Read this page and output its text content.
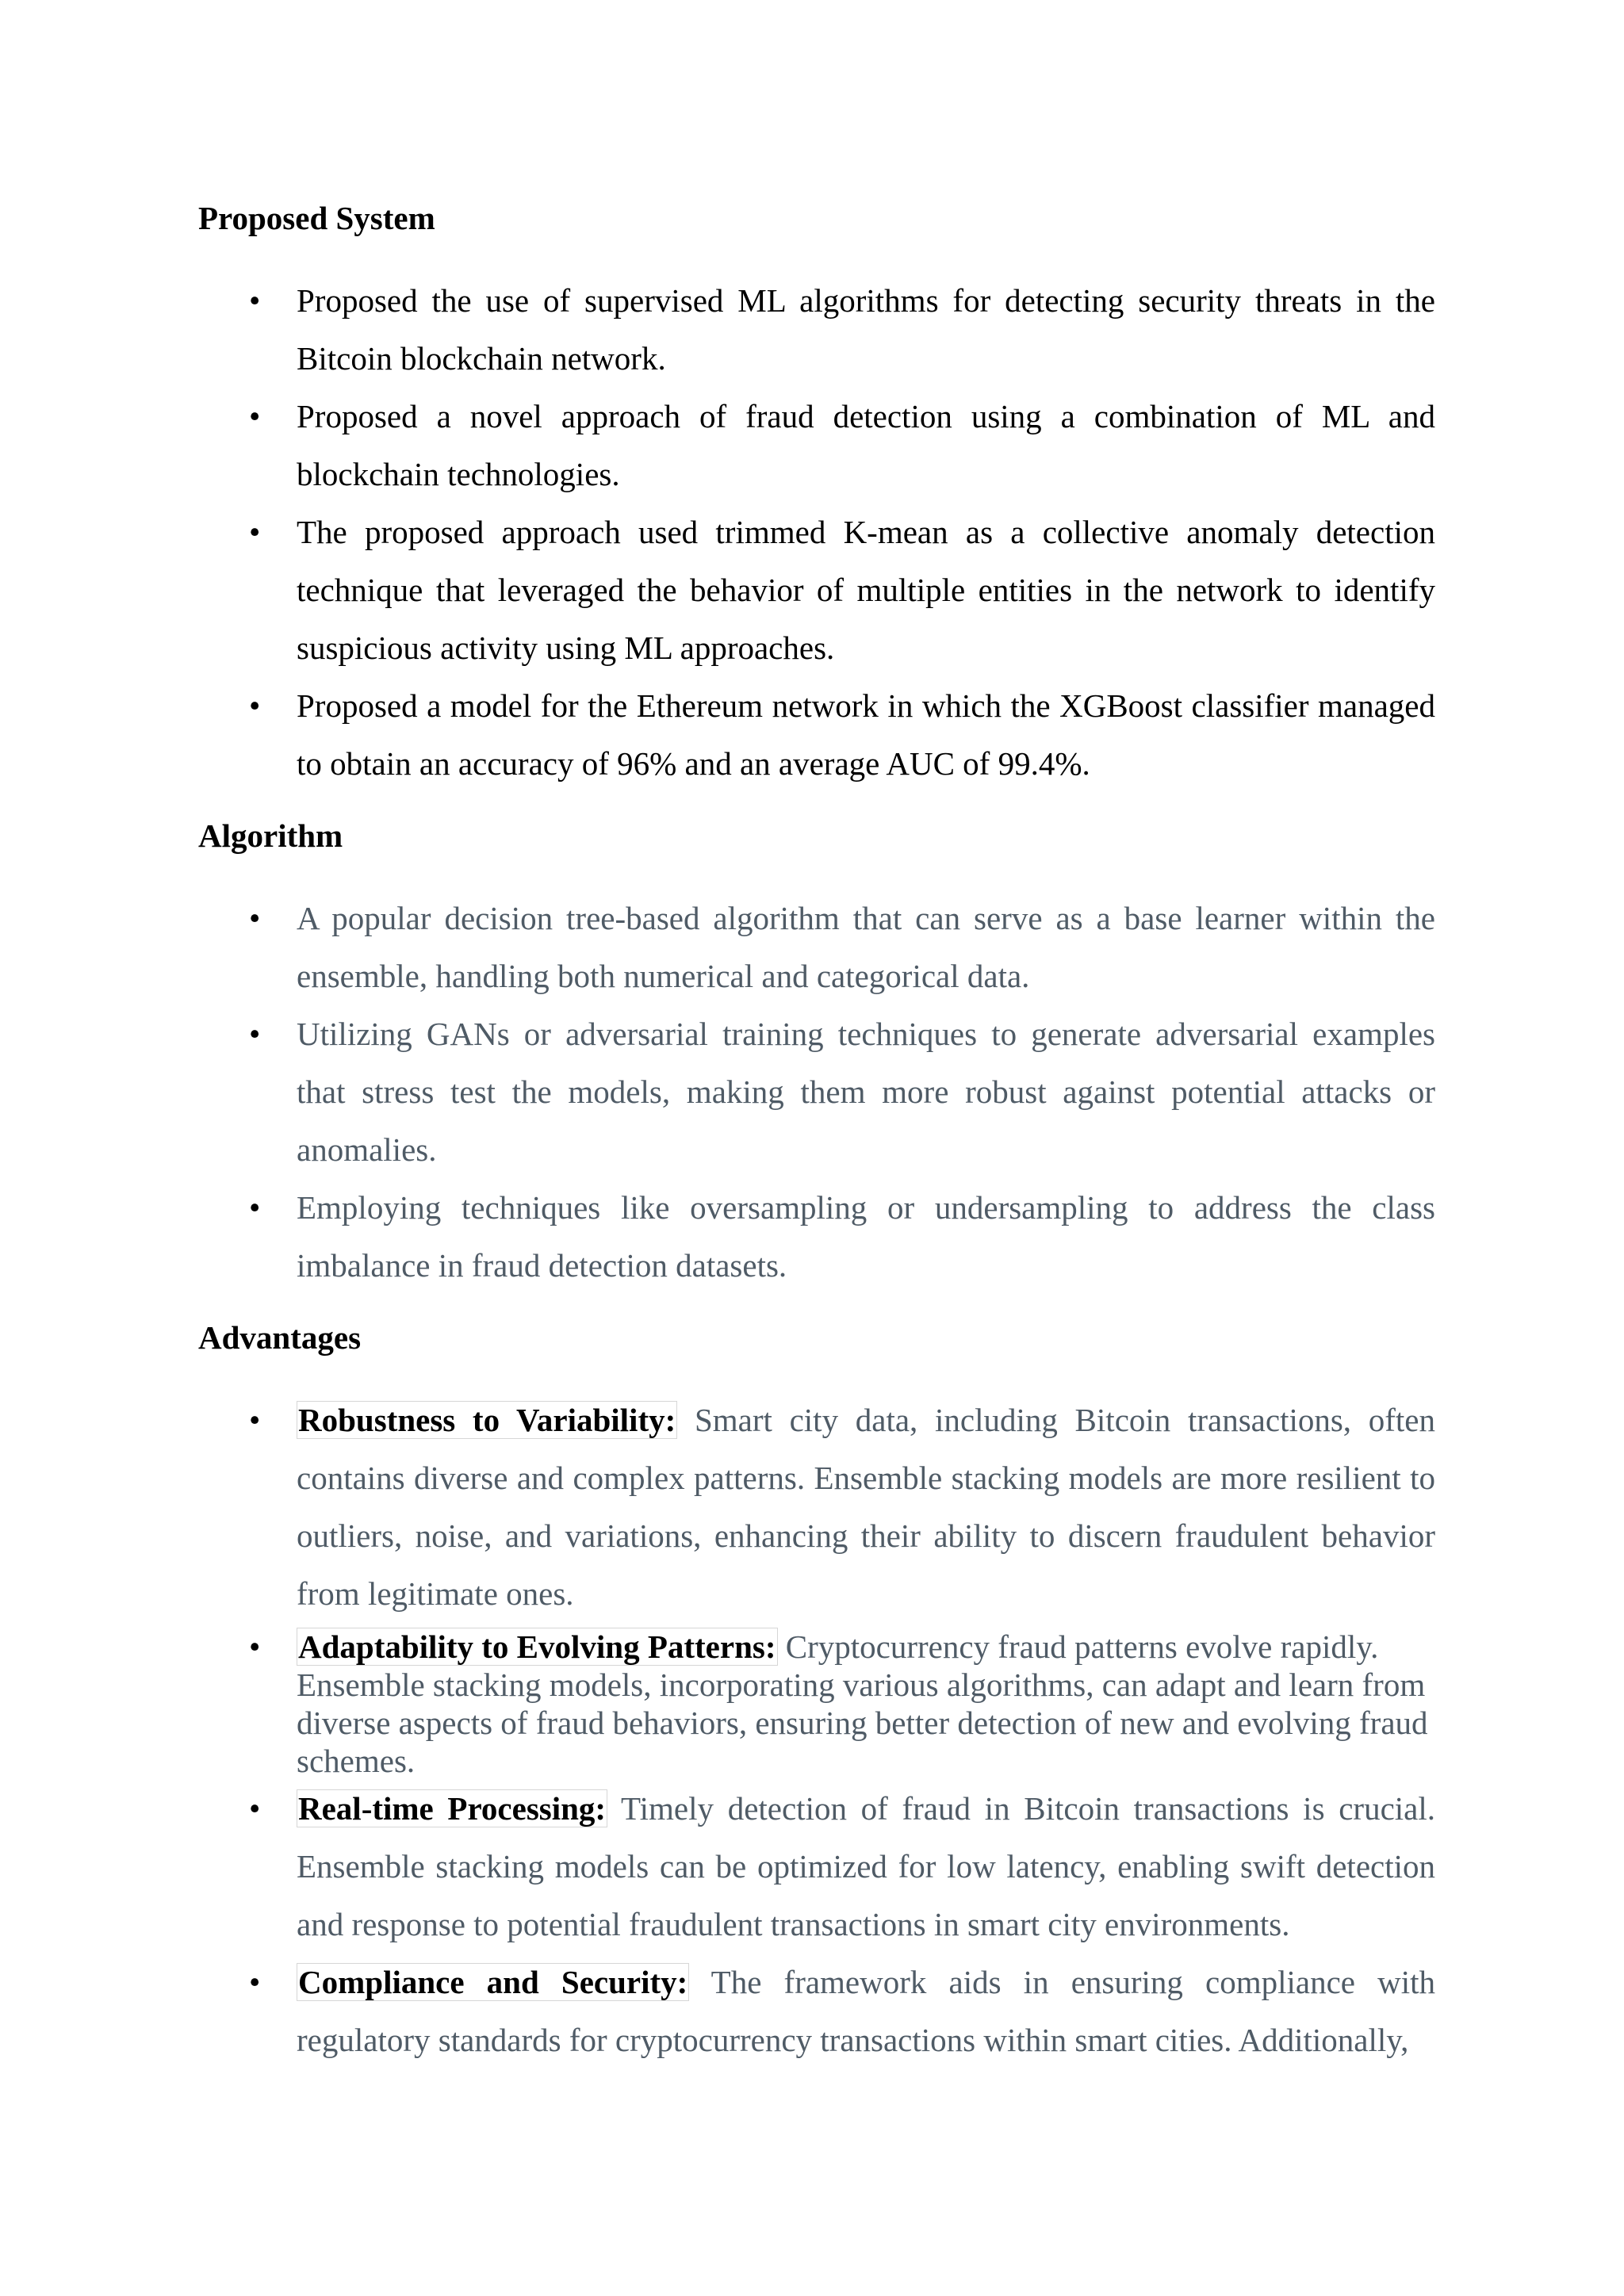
Proposed System
• Proposed the use of supervised ML algorithms for detecting security threats in the Bitcoin blockchain network.
• Proposed a novel approach of fraud detection using a combination of ML and blockchain technologies.
• The proposed approach used trimmed K-mean as a collective anomaly detection technique that leveraged the behavior of multiple entities in the network to identify suspicious activity using ML approaches.
• Proposed a model for the Ethereum network in which the XGBoost classifier managed to obtain an accuracy of 96% and an average AUC of 99.4%.
Algorithm
• A popular decision tree-based algorithm that can serve as a base learner within the ensemble, handling both numerical and categorical data.
• Utilizing GANs or adversarial training techniques to generate adversarial examples that stress test the models, making them more robust against potential attacks or anomalies.
• Employing techniques like oversampling or undersampling to address the class imbalance in fraud detection datasets.
Advantages
• Robustness to Variability: Smart city data, including Bitcoin transactions, often contains diverse and complex patterns. Ensemble stacking models are more resilient to outliers, noise, and variations, enhancing their ability to discern fraudulent behavior from legitimate ones.
• Adaptability to Evolving Patterns: Cryptocurrency fraud patterns evolve rapidly. Ensemble stacking models, incorporating various algorithms, can adapt and learn from diverse aspects of fraud behaviors, ensuring better detection of new and evolving fraud schemes.
• Real-time Processing: Timely detection of fraud in Bitcoin transactions is crucial. Ensemble stacking models can be optimized for low latency, enabling swift detection and response to potential fraudulent transactions in smart city environments.
• Compliance and Security: The framework aids in ensuring compliance with regulatory standards for cryptocurrency transactions within smart cities. Additionally,
